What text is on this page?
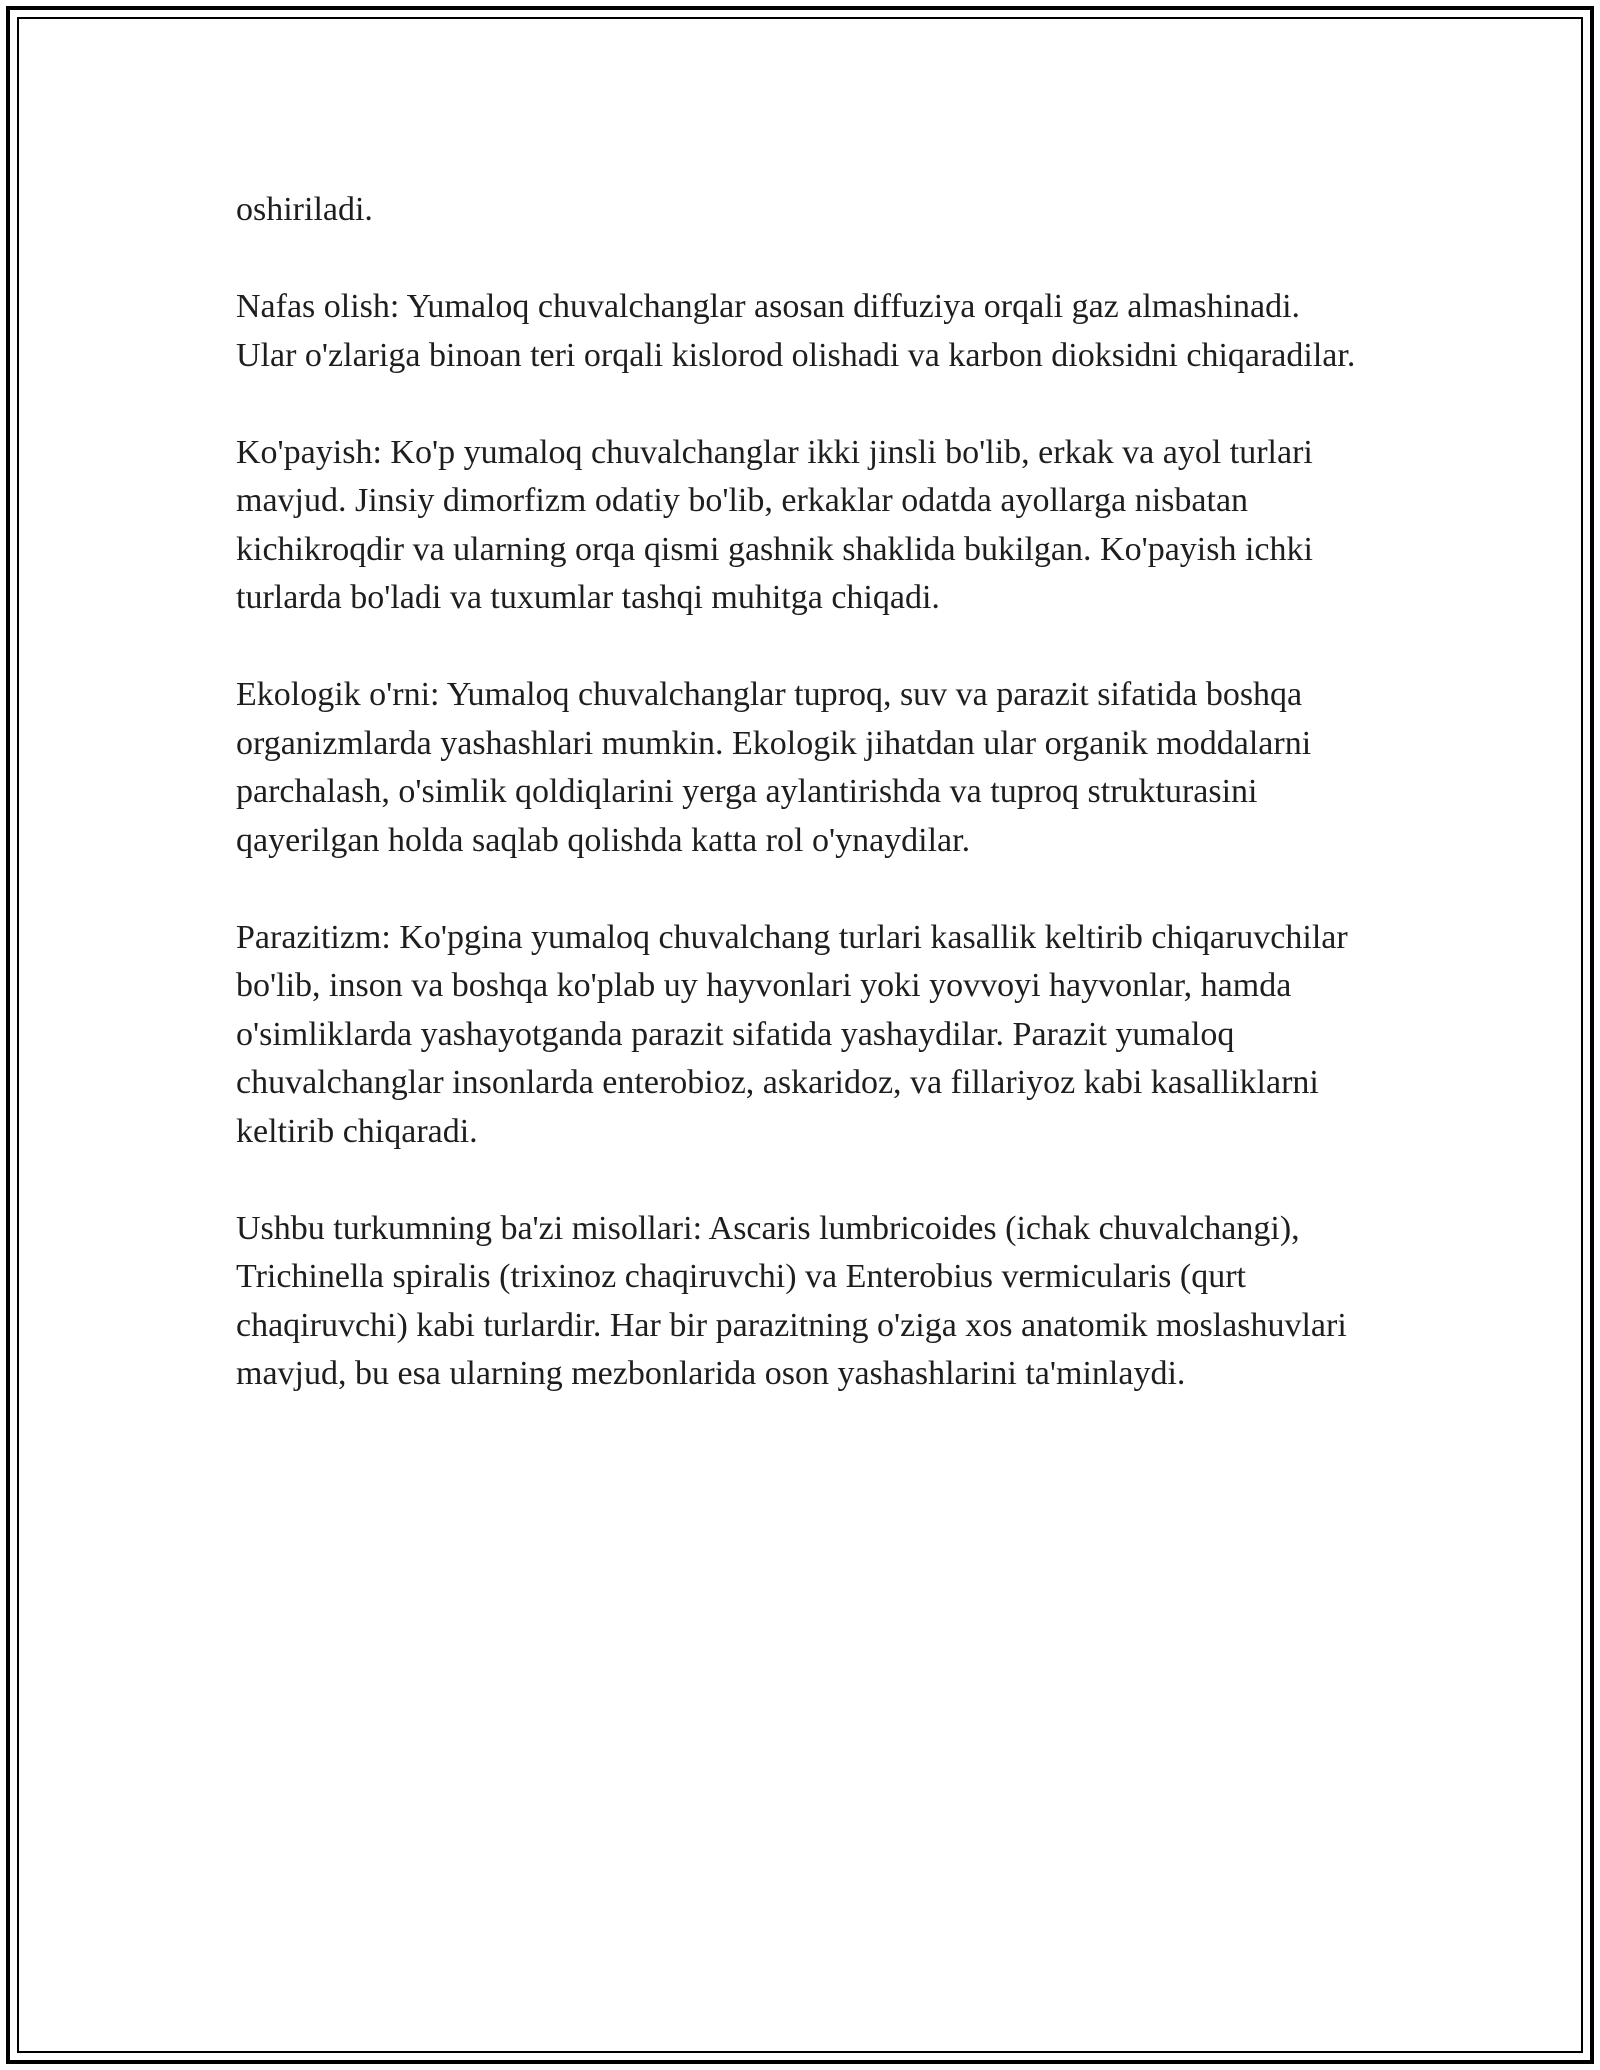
oshiriladi.

Nafas olish: Yumaloq chuvalchanglar asosan diffuziya orqali gaz almashinadi. Ular o'zlariga binoan teri orqali kislorod olishadi va karbon dioksidni chiqaradilar.

Ko'payish: Ko'p yumaloq chuvalchanglar ikki jinsli bo'lib, erkak va ayol turlari mavjud. Jinsiy dimorfizm odatiy bo'lib, erkaklar odatda ayollarga nisbatan kichikroqdir va ularning orqa qismi gashnik shaklida bukilgan. Ko'payish ichki turlarda bo'ladi va tuxumlar tashqi muhitga chiqadi.

Ekologik o'rni: Yumaloq chuvalchanglar tuproq, suv va parazit sifatida boshqa organizmlarda yashashlari mumkin. Ekologik jihatdan ular organik moddalarni parchalash, o'simlik qoldiqlarini yerga aylantirishda va tuproq strukturasini qayerilgan holda saqlab qolishda katta rol o'ynaydilar.

Parazitizm: Ko'pgina yumaloq chuvalchang turlari kasallik keltirib chiqaruvchilar bo'lib, inson va boshqa ko'plab uy hayvonlari yoki yovvoyi hayvonlar, hamda o'simliklarda yashayotganda parazit sifatida yashaydilar. Parazit yumaloq chuvalchanglar insonlarda enterobioz, askaridoz, va fillariyoz kabi kasalliklarni keltirib chiqaradi.

Ushbu turkumning ba'zi misollari: Ascaris lumbricoides (ichak chuvalchangi), Trichinella spiralis (trixinoz chaqiruvchi) va Enterobius vermicularis (qurt chaqiruvchi) kabi turlardir. Har bir parazitning o'ziga xos anatomik moslashuvlari mavjud, bu esa ularning mezbonlarida oson yashashlarini ta'minlaydi.
